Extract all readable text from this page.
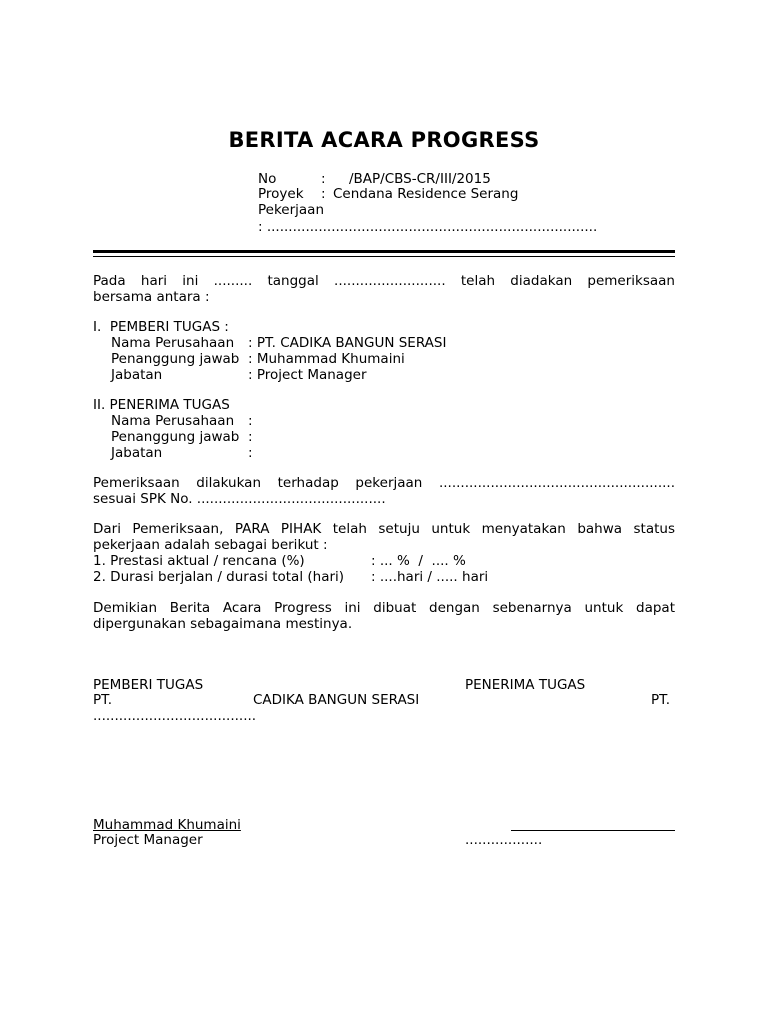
BERITA ACARA PROGRESS
No	: /BAP/CBS-CR/III/2015
Proyek : Cendana Residence Serang
Pekerjaan
: .............................................................................
Pada hari ini ......... tanggal .......................... telah diadakan pemeriksaan
bersama antara :
I.  PEMBERI TUGAS :
Nama Perusahaan : PT. CADIKA BANGUN SERASI
Penanggung jawab : Muhammad Khumaini
Jabatan	: Project Manager
II. PENERIMA TUGAS
Nama Perusahaan :
Penanggung jawab :
Jabatan	:
Pemeriksaan dilakukan terhadap pekerjaan .......................................................
sesuai SPK No. ............................................
Dari Pemeriksaan, PARA PIHAK telah setuju untuk menyatakan bahwa status
pekerjaan adalah sebagai berikut :
1. Prestasi aktual / rencana (%)	: ... %  /  .... %
2. Durasi berjalan / durasi total (hari) : ....hari / ..... hari
Demikian Berita Acara Progress ini dibuat dengan sebenarnya untuk dapat
dipergunakan sebagaimana mestinya.
PEMBERI TUGAS	PENERIMA TUGAS
PT.	CADIKA BANGUN SERASI	PT.
......................................
Muhammad Khumaini
Project Manager	..................
